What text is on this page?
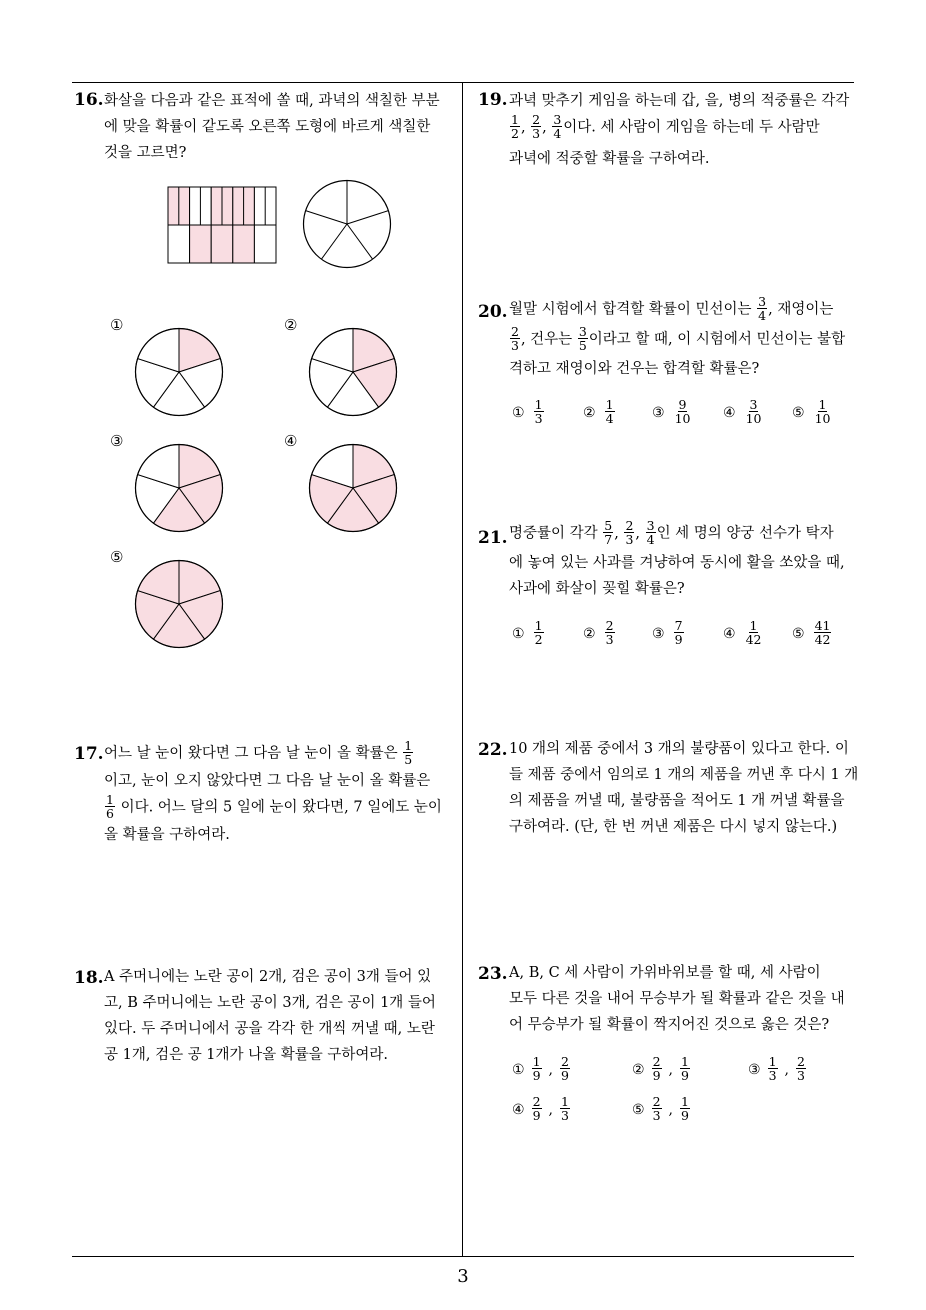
16. 화살을 다음과 같은 표적에 쏠 때, 과녁의 색칠한 부분
에 맞을 확률이 같도록 오른쪽 도형에 바르게 색칠한
것을 고르면?
①	②
③	④
⑤
17. 어느 날 눈이 왔다면 그 다음 날 눈이 올 확률은 $\frac{1}{5}$
이고, 눈이 오지 않았다면 그 다음 날 눈이 올 확률은
$\frac{1}{6}$ 이다. 어느 달의 5 일에 눈이 왔다면, 7 일에도 눈이
올 확률을 구하여라.
18. A 주머니에는 노란 공이 2개, 검은 공이 3개 들어 있
고, B 주머니에는 노란 공이 3개, 검은 공이 1개 들어
있다. 두 주머니에서 공을 각각 한 개씩 꺼낼 때, 노란
공 1개, 검은 공 1개가 나올 확률을 구하여라.
19. 과녁 맞추기 게임을 하는데 갑, 을, 병의 적중률은 각각
$\frac{1}{2}$ , $\frac{2}{3}$ , $\frac{3}{4}$ 이다. 세 사람이 게임을 하는데 두 사람만
과녁에 적중할 확률을 구하여라.
20. 월말 시험에서 합격할 확률이 민선이는 $\frac{3}{4}$ , 재영이는
$\frac{2}{3}$ , 건우는 $\frac{3}{5}$ 이라고 할 때, 이 시험에서 민선이는 불합
격하고 재영이와 건우는 합격할 확률은?
① $\frac{1}{3}$	② $\frac{1}{4}$	③ $\frac{9}{10}$ ④ $\frac{3}{10}$ ⑤ $\frac{1}{10}$
21. 명중률이 각각 $\frac{5}{7}$ , $\frac{2}{3}$ , $\frac{3}{4}$ 인 세 명의 양궁 선수가 탁자
에 놓여 있는 사과를 겨냥하여 동시에 활을 쏘았을 때,
사과에 화살이 꽂힐 확률은?
① $\frac{1}{2}$	② $\frac{2}{3}$	③ $\frac{7}{9}$	④ $\frac{1}{42}$ ⑤ $\frac{41}{42}$
22. 10 개의 제품 중에서 3 개의 불량품이 있다고 한다. 이
들 제품 중에서 임의로 1 개의 제품을 꺼낸 후 다시 1 개
의 제품을 꺼낼 때, 불량품을 적어도 1 개 꺼낼 확률을
구하여라. (단, 한 번 꺼낸 제품은 다시 넣지 않는다.)
23. A, B, C 세 사람이 가위바위보를 할 때, 세 사람이
모두 다른 것을 내어 무승부가 될 확률과 같은 것을 내
어 무승부가 될 확률이 짝지어진 것으로 옳은 것은?
① $\frac{1}{9}$ , $\frac{2}{9}$	② $\frac{2}{9}$ , $\frac{1}{9}$	③ $\frac{1}{3}$ , $\frac{2}{3}$
④ $\frac{2}{9}$ , $\frac{1}{3}$	⑤ $\frac{2}{3}$ , $\frac{1}{9}$
3
